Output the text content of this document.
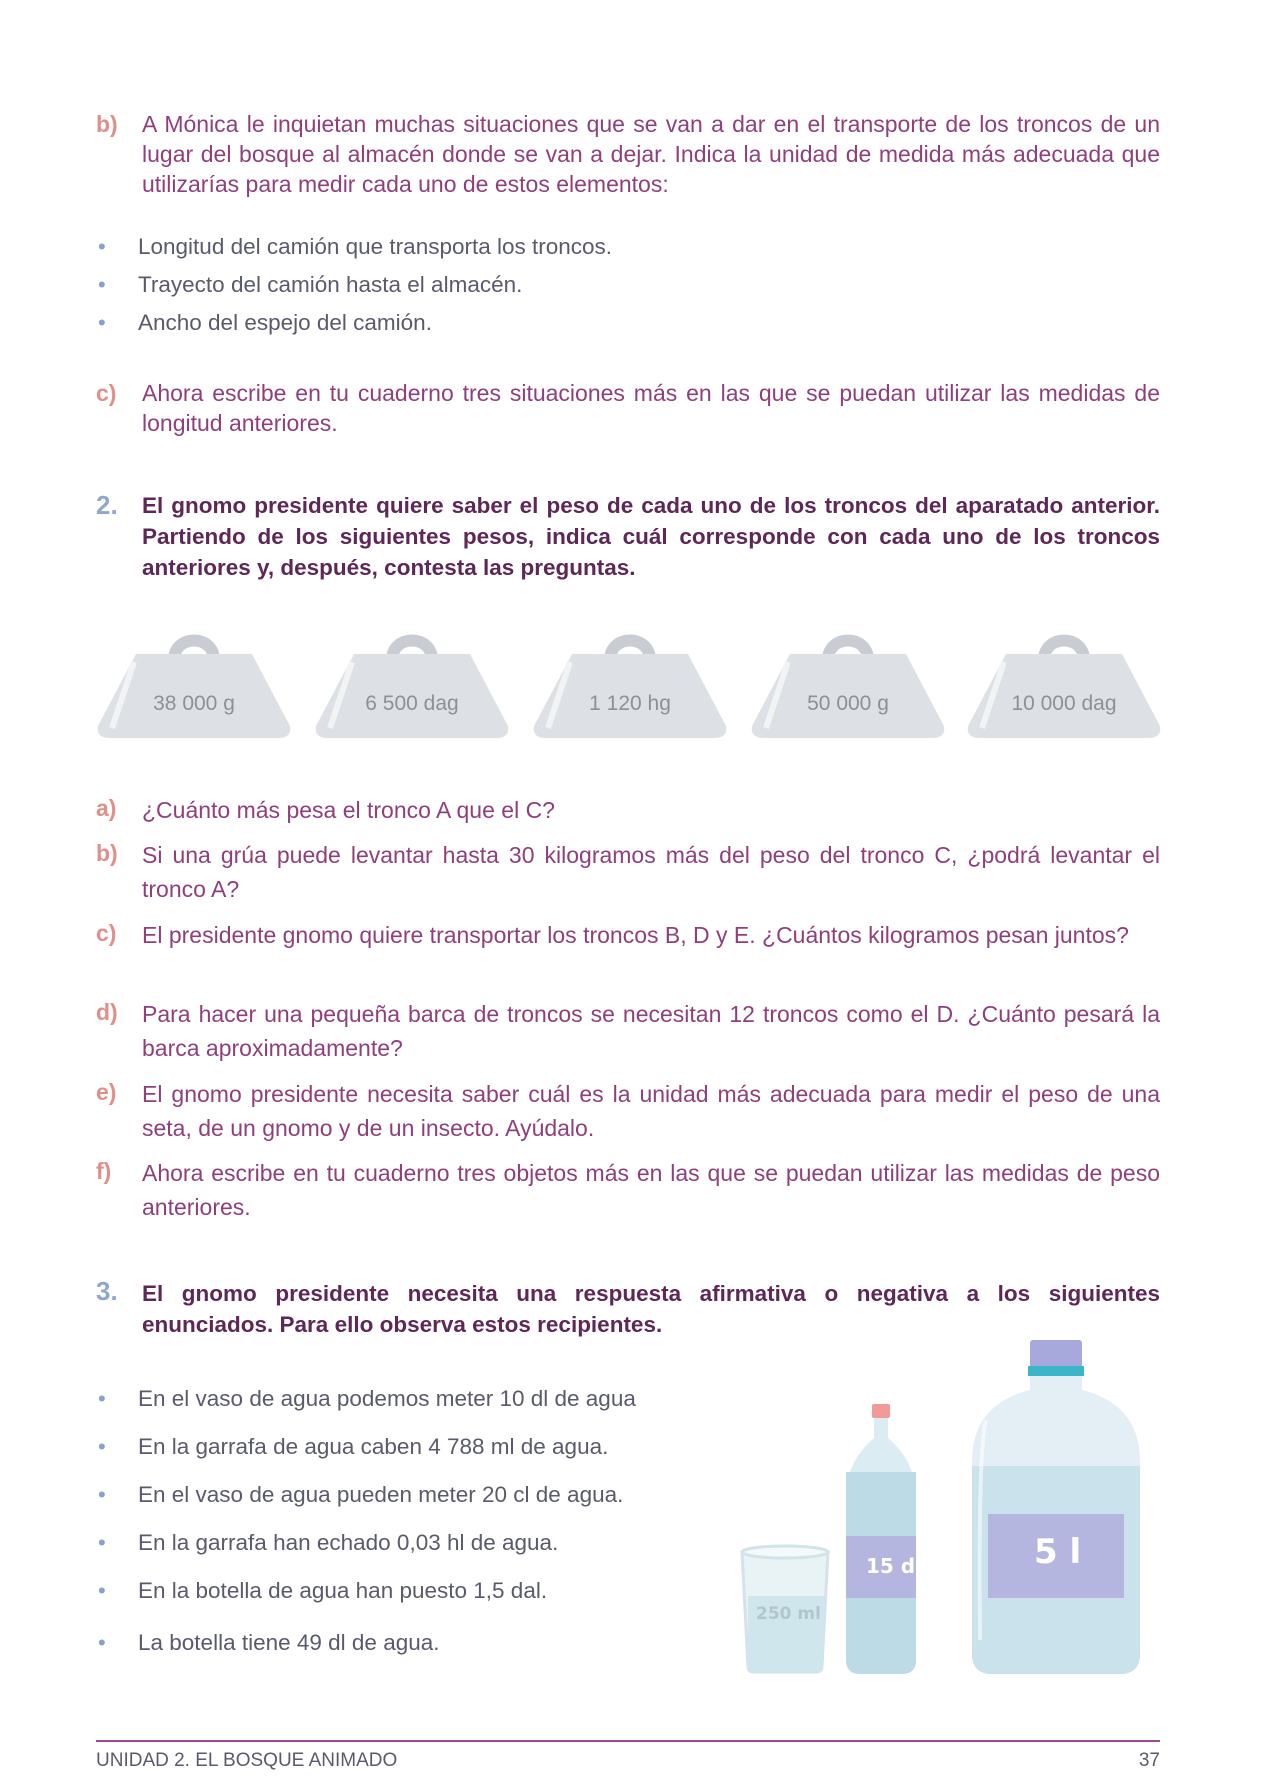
b) A Mónica le inquietan muchas situaciones que se van a dar en el transporte de los troncos de un lugar del bosque al almacén donde se van a dejar. Indica la unidad de medida más adecuada que utilizarías para medir cada uno de estos elementos:
• Longitud del camión que transporta los troncos.
• Trayecto del camión hasta el almacén.
• Ancho del espejo del camión.
c) Ahora escribe en tu cuaderno tres situaciones más en las que se puedan utilizar las medidas de longitud anteriores.
2. El gnomo presidente quiere saber el peso de cada uno de los troncos del aparatado anterior. Partiendo de los siguientes pesos, indica cuál corresponde con cada uno de los troncos anteriores y, después, contesta las preguntas.
38 000 g	6 500 dag	1 120 hg	50 000 g	10 000 dag
a) ¿Cuánto más pesa el tronco A que el C?
b) Si una grúa puede levantar hasta 30 kilogramos más del peso del tronco C, ¿podrá levantar el tronco A?
c) El presidente gnomo quiere transportar los troncos B, D y E. ¿Cuántos kilogramos pesan juntos?
d) Para hacer una pequeña barca de troncos se necesitan 12 troncos como el D. ¿Cuánto pesará la barca aproximadamente?
e) El gnomo presidente necesita saber cuál es la unidad más adecuada para medir el peso de una seta, de un gnomo y de un insecto. Ayúdalo.
f) Ahora escribe en tu cuaderno tres objetos más en las que se puedan utilizar las medidas de peso anteriores.
3. El gnomo presidente necesita una respuesta afirmativa o negativa a los siguientes enunciados. Para ello observa estos recipientes.
• En el vaso de agua podemos meter 10 dl de agua
• En la garrafa de agua caben 4 788 ml de agua.
• En el vaso de agua pueden meter 20 cl de agua.
• En la garrafa han echado 0,03 hl de agua.
• En la botella de agua han puesto 1,5 dal.
• La botella tiene 49 dl de agua.
250 ml
15 dl	5 l
UNIDAD 2. EL BOSQUE ANIMADO	37
